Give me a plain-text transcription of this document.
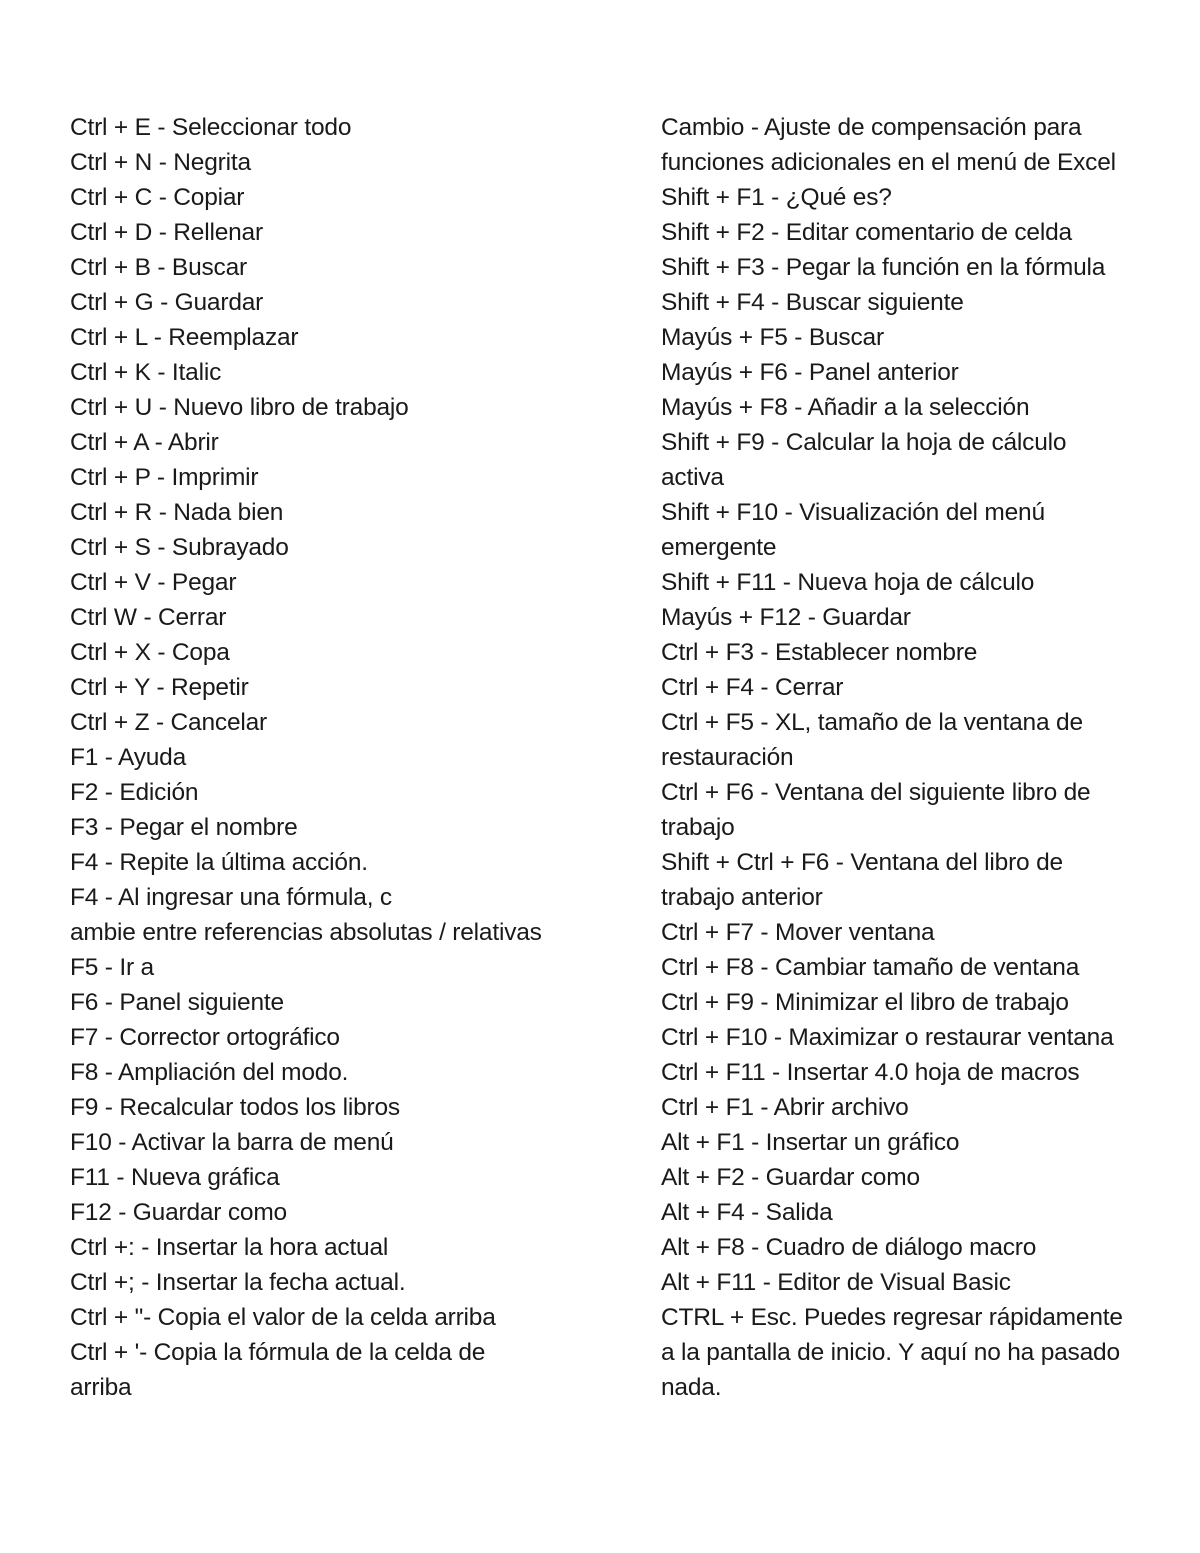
Ctrl + E - Seleccionar todo
Ctrl + N - Negrita
Ctrl + C - Copiar
Ctrl + D - Rellenar
Ctrl + B - Buscar
Ctrl + G - Guardar
Ctrl + L - Reemplazar
Ctrl + K - Italic
Ctrl + U - Nuevo libro de trabajo
Ctrl + A - Abrir
Ctrl + P - Imprimir
Ctrl + R - Nada bien
Ctrl + S - Subrayado
Ctrl + V - Pegar
Ctrl W - Cerrar
Ctrl + X - Copa
Ctrl + Y - Repetir
Ctrl + Z - Cancelar
F1 - Ayuda
F2 - Edición
F3 - Pegar el nombre
F4 - Repite la última acción.
F4 - Al ingresar una fórmula, c
ambie entre referencias absolutas / relativas
F5 - Ir a
F6 - Panel siguiente
F7 - Corrector ortográfico
F8 - Ampliación del modo.
F9 - Recalcular todos los libros
F10 - Activar la barra de menú
F11 - Nueva gráfica
F12 - Guardar como
Ctrl +: - Insertar la hora actual
Ctrl +; - Insertar la fecha actual.
Ctrl + "- Copia el valor de la celda arriba
Ctrl + '- Copia la fórmula de la celda de
arriba
Cambio - Ajuste de compensación para
funciones adicionales en el menú de Excel
Shift + F1 - ¿Qué es?
Shift + F2 - Editar comentario de celda
Shift + F3 - Pegar la función en la fórmula
Shift + F4 - Buscar siguiente
Mayús + F5 - Buscar
Mayús + F6 - Panel anterior
Mayús + F8 - Añadir a la selección
Shift + F9 - Calcular la hoja de cálculo
activa
Shift + F10 - Visualización del menú
emergente
Shift + F11 - Nueva hoja de cálculo
Mayús + F12 - Guardar
Ctrl + F3 - Establecer nombre
Ctrl + F4 - Cerrar
Ctrl + F5 - XL, tamaño de la ventana de
restauración
Ctrl + F6 - Ventana del siguiente libro de
trabajo
Shift + Ctrl + F6 - Ventana del libro de
trabajo anterior
Ctrl + F7 - Mover ventana
Ctrl + F8 - Cambiar tamaño de ventana
Ctrl + F9 - Minimizar el libro de trabajo
Ctrl + F10 - Maximizar o restaurar ventana
Ctrl + F11 - Insertar 4.0 hoja de macros
Ctrl + F1 - Abrir archivo
Alt + F1 - Insertar un gráfico
Alt + F2 - Guardar como
Alt + F4 - Salida
Alt + F8 - Cuadro de diálogo macro
Alt + F11 - Editor de Visual Basic
CTRL + Esc. Puedes regresar rápidamente
a la pantalla de inicio. Y aquí no ha pasado
nada.
